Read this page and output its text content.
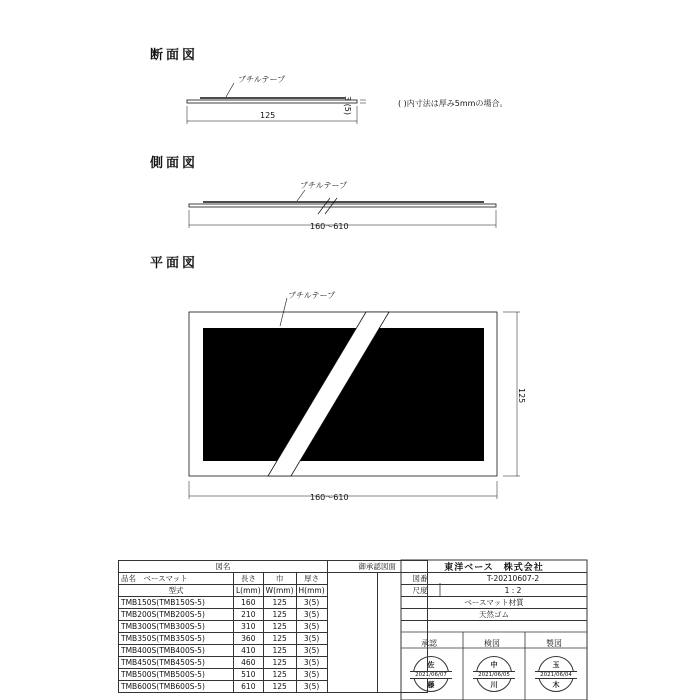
断面図
側面図
平面図
ブチルテープ
125
3 (5)	( )内寸法は厚み5mmの場合。
ブチルテープ
160～610
ブチルテープ
160～610
125
図名				御承認図面	
品名　 ベースマット	長さ	巾	厚さ		
型式	L(mm)	W(mm)	H(mm)		
TMB150S(TMB150S-5)	160	125	3(5)		
TMB200S(TMB200S-5)	210	125	3(5)		
TMB300S(TMB300S-5)	310	125	3(5)		
TMB350S(TMB350S-5)	360	125	3(5)		
TMB400S(TMB400S-5)	410	125	3(5)		
TMB450S(TMB450S-5)	460	125	3(5)		
TMB500S(TMB500S-5)	510	125	3(5)		
TMB600S(TMB600S-5)	610	125	3(5)		
東洋ベース　株式会社
図番	T-20210607-2
尺度	1 : 2
ベースマット材質
天然ゴム
承認	検図	製図
佐
2021/06/07
藤
中
2021/06/05
川
玉
2021/06/04
木
